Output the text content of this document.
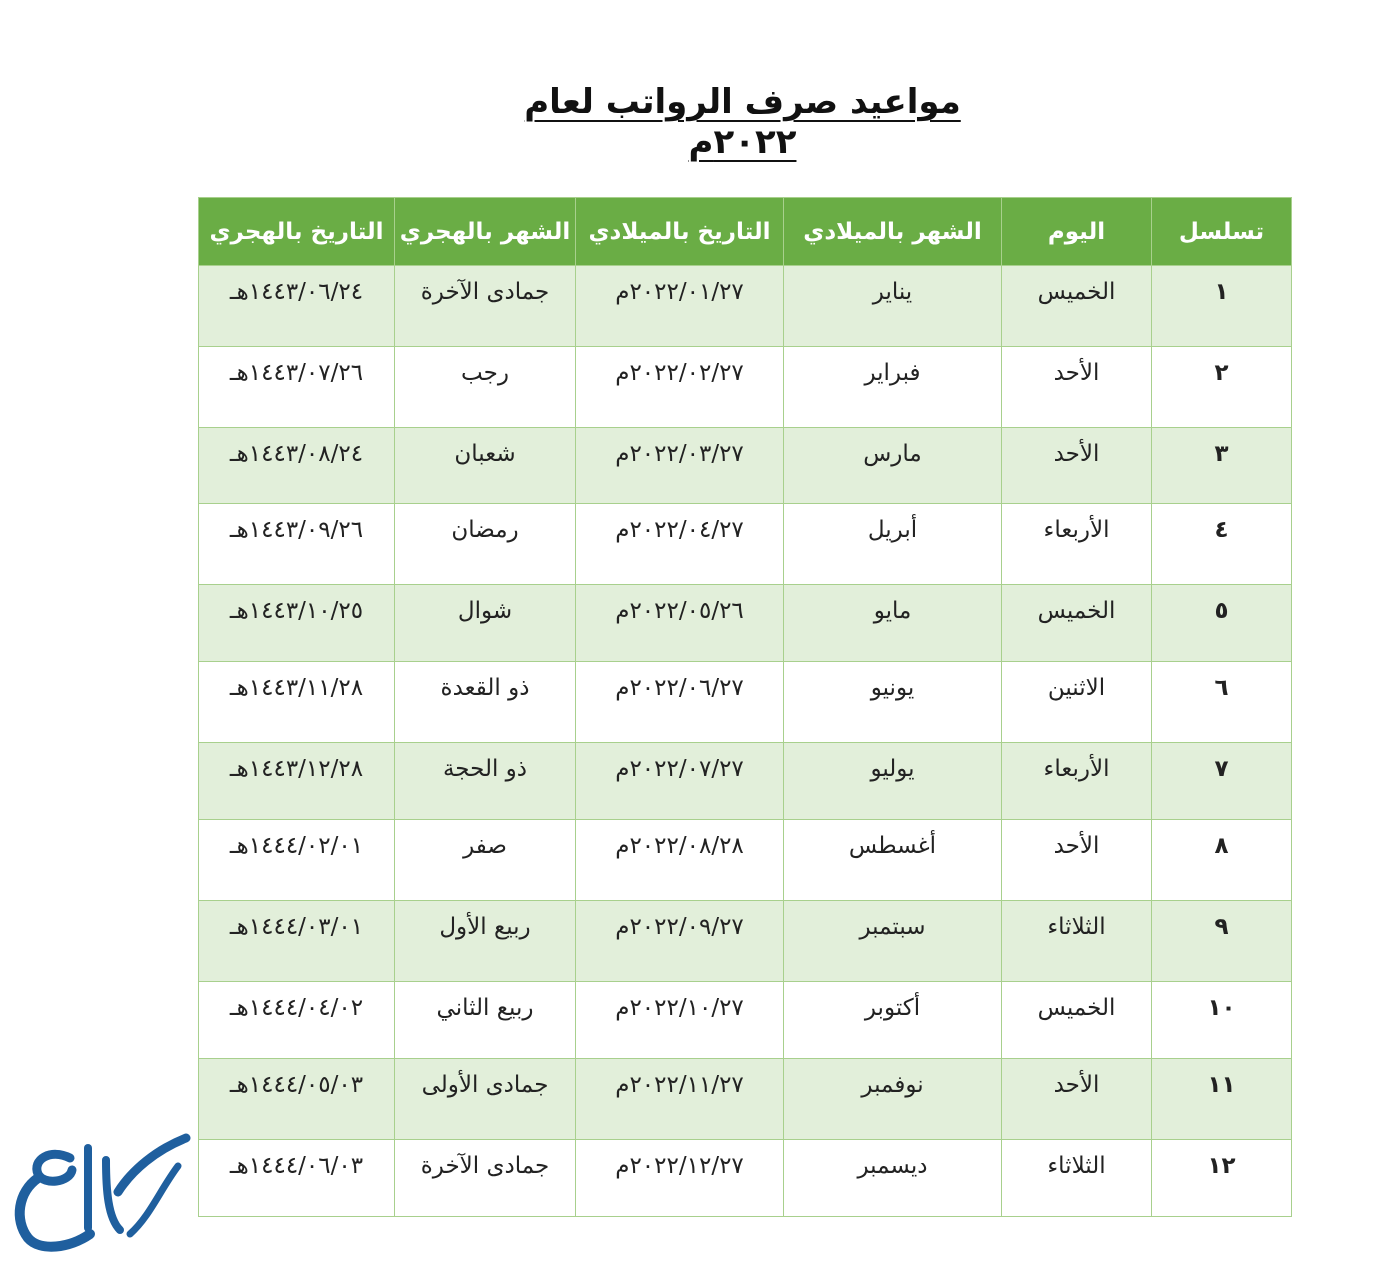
مواعيد صرف الرواتب لعام ٢٠٢٢م
تسلسل	اليوم	الشهر بالميلادي	التاريخ بالميلادي	الشهر بالهجري	التاريخ بالهجري
١	الخميس	يناير	٢٠٢٢/٠١/٢٧م	جمادى الآخرة	١٤٤٣/٠٦/٢٤هـ
٢	الأحد	فبراير	٢٠٢٢/٠٢/٢٧م	رجب	١٤٤٣/٠٧/٢٦هـ
٣	الأحد	مارس	٢٠٢٢/٠٣/٢٧م	شعبان	١٤٤٣/٠٨/٢٤هـ
٤	الأربعاء	أبريل	٢٠٢٢/٠٤/٢٧م	رمضان	١٤٤٣/٠٩/٢٦هـ
٥	الخميس	مايو	٢٠٢٢/٠٥/٢٦م	شوال	١٤٤٣/١٠/٢٥هـ
٦	الاثنين	يونيو	٢٠٢٢/٠٦/٢٧م	ذو القعدة	١٤٤٣/١١/٢٨هـ
٧	الأربعاء	يوليو	٢٠٢٢/٠٧/٢٧م	ذو الحجة	١٤٤٣/١٢/٢٨هـ
٨	الأحد	أغسطس	٢٠٢٢/٠٨/٢٨م	صفر	١٤٤٤/٠٢/٠١هـ
٩	الثلاثاء	سبتمبر	٢٠٢٢/٠٩/٢٧م	ربيع الأول	١٤٤٤/٠٣/٠١هـ
١٠	الخميس	أكتوبر	٢٠٢٢/١٠/٢٧م	ربيع الثاني	١٤٤٤/٠٤/٠٢هـ
١١	الأحد	نوفمبر	٢٠٢٢/١١/٢٧م	جمادى الأولى	١٤٤٤/٠٥/٠٣هـ
١٢	الثلاثاء	ديسمبر	٢٠٢٢/١٢/٢٧م	جمادى الآخرة	١٤٤٤/٠٦/٠٣هـ
